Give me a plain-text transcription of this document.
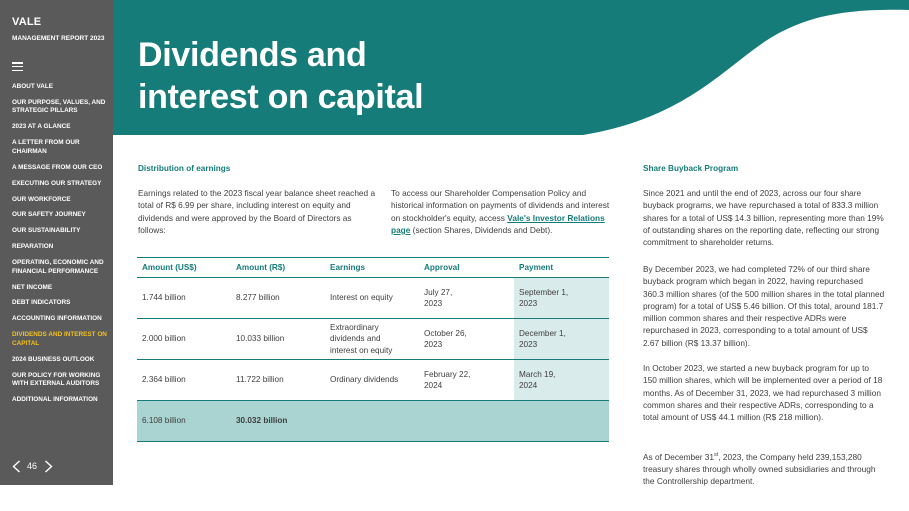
VALE
MANAGEMENT REPORT 2023
ABOUT VALE
OUR PURPOSE, VALUES, AND STRATEGIC PILLARS
2023 AT A GLANCE
A LETTER FROM OUR CHAIRMAN
A MESSAGE FROM OUR CEO
EXECUTING OUR STRATEGY
OUR WORKFORCE
OUR SAFETY JOURNEY
OUR SUSTAINABILITY
REPARATION
OPERATING, ECONOMIC AND FINANCIAL PERFORMANCE
NET INCOME
DEBT INDICATORS
ACCOUNTING INFORMATION
DIVIDENDS AND INTEREST ON CAPITAL
2024 BUSINESS OUTLOOK
OUR POLICY FOR WORKING WITH EXTERNAL AUDITORS
ADDITIONAL INFORMATION
46
Dividends and
interest on capital
Distribution of earnings
Earnings related to the 2023 fiscal year balance sheet reached a total of R$ 6.99 per share, including interest on equity and dividends and were approved by the Board of Directors as follows:
To access our Shareholder Compensation Policy and historical information on payments of dividends and interest on stockholder's equity, access Vale's Investor Relations page (section Shares, Dividends and Debt).
Amount (US$)	Amount (R$)	Earnings	Approval	Payment
1.744 billion	8.277 billion	Interest on equity	July 27, 2023	September 1, 2023
2.000 billion	10.033 billion	Extraordinary dividends and interest on equity	October 26, 2023	December 1, 2023
2.364 billion	11.722 billion	Ordinary dividends	February 22, 2024	March 19, 2024
6.108 billion	30.032 billion			
Share Buyback Program
Since 2021 and until the end of 2023, across our four share buyback programs, we have repurchased a total of 833.3 million shares for a total of US$ 14.3 billion, representing more than 19% of outstanding shares on the reporting date, reflecting our strong commitment to shareholder returns.
By December 2023, we had completed 72% of our third share buyback program which began in 2022, having repurchased 360.3 million shares (of the 500 million shares in the total planned program) for a total of US$ 5.46 billion. Of this total, around 181.7 million common shares and their respective ADRs were repurchased in 2023, corresponding to a total amount of US$ 2.67 billion (R$ 13.37 billion).
In October 2023, we started a new buyback program for up to 150 million shares, which will be implemented over a period of 18 months. As of December 31, 2023, we had repurchased 3 million common shares and their respective ADRs, corresponding to a total amount of US$ 44.1 million (R$ 218 million).
As of December 31st, 2023, the Company held 239,153,280 treasury shares through wholly owned subsidiaries and through the Controllership department.
